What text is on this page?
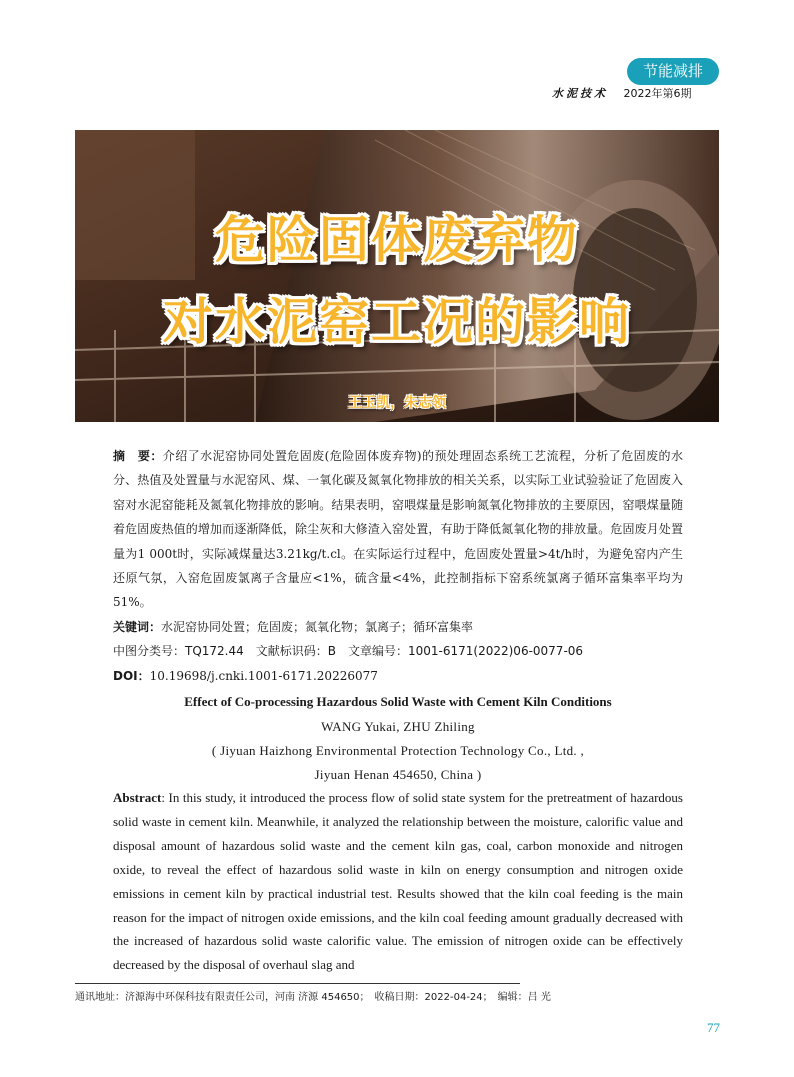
节能减排
水泥技术 2022年第6期
危险固体废弃物
对水泥窑工况的影响
王玉凯，朱志领

摘　要：介绍了水泥窑协同处置危固废(危险固体废弃物)的预处理固态系统工艺流程，分析了危固废的水分、热值及处置量与水泥窑风、煤、一氧化碳及氮氧化物排放的相关关系，以实际工业试验验证了危固废入窑对水泥窑能耗及氮氧化物排放的影响。结果表明，窑喂煤量是影响氮氧化物排放的主要原因，窑喂煤量随着危固废热值的增加而逐渐降低，除尘灰和大修渣入窑处置，有助于降低氮氧化物的排放量。危固废月处置量为1 000t时，实际减煤量达3.21kg/t.cl。在实际运行过程中，危固废处置量>4t/h时，为避免窑内产生还原气氛，入窑危固废氯离子含量应<1%，硫含量<4%，此控制指标下窑系统氯离子循环富集率平均为51%。

关键词：水泥窑协同处置；危固废；氮氧化物；氯离子；循环富集率

中图分类号：TQ172.44　文献标识码：B　文章编号：1001-6171(2022)06-0077-06

DOI：10.19698/j.cnki.1001-6171.20226077

Effect of Co-processing Hazardous Solid Waste with Cement Kiln Conditions
WANG Yukai, ZHU Zhiling
( Jiyuan Haizhong Environmental Protection Technology Co., Ltd. ,
Jiyuan Henan 454650, China )
Abstract: In this study, it introduced the process flow of solid state system for the pretreatment of hazardous solid waste in cement kiln. Meanwhile, it analyzed the relationship between the moisture, calorific value and disposal amount of hazardous solid waste and the cement kiln gas, coal, carbon monoxide and nitrogen oxide, to reveal the effect of hazardous solid waste in kiln on energy consumption and nitrogen oxide emissions in cement kiln by practical industrial test. Results showed that the kiln coal feeding is the main reason for the impact of nitrogen oxide emissions, and the kiln coal feeding amount gradually decreased with the increased of hazardous solid waste calorific value. The emission of nitrogen oxide can be effectively decreased by the disposal of overhaul slag and
通讯地址：济源海中环保科技有限责任公司，河南 济源 454650；　收稿日期：2022-04-24；　编辑：吕 光
77
